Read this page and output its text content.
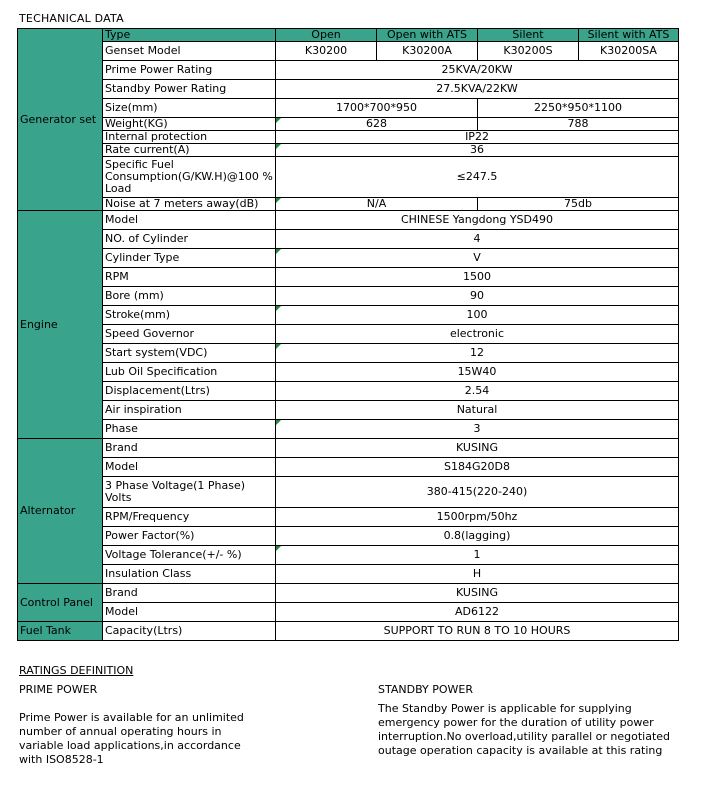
TECHANICAL DATA
Generator set	Type	Open	Open with ATS	Silent	Silent with ATS
	Genset Model	K30200	K30200A	K30200S	K30200SA
	Prime Power Rating	25KVA/20KW			
	Standby Power Rating	27.5KVA/22KW			
	Size(mm)	1700*700*950		2250*950*1100	
	Weight(KG)	628		788	
	Internal protection	IP22			
	Rate current(A)	36			
	Specific Fuel Consumption(G/KW.H)@100 % Load	≤247.5			
	Noise at 7 meters away(dB)	N/A		75db	
Engine	Model	CHINESE Yangdong YSD490			
	NO. of Cylinder	4			
	Cylinder Type	V			
	RPM	1500			
	Bore (mm)	90			
	Stroke(mm)	100			
	Speed Governor	electronic			
	Start system(VDC)	12			
	Lub Oil Specification	15W40			
	Displacement(Ltrs)	2.54			
	Air inspiration	Natural			
	Phase	3			
Alternator	Brand	KUSING			
	Model	S184G20D8			
	3 Phase Voltage(1 Phase) Volts	380-415(220-240)			
	RPM/Frequency	1500rpm/50hz			
	Power Factor(%)	0.8(lagging)			
	Voltage Tolerance(+/- %)	1			
	Insulation Class	H			
Control Panel	Brand	KUSING			
	Model	AD6122			
Fuel Tank	Capacity(Ltrs)	SUPPORT TO RUN 8 TO 10 HOURS			
RATINGS DEFINITION
PRIME POWER

Prime Power is available for an unlimited number of annual operating hours in variable load applications,in accordance with ISO8528-1

STANDBY POWER

The Standby Power is applicable for supplying emergency power for the duration of utility power interruption.No overload,utility parallel or negotiated outage operation capacity is available at this rating
